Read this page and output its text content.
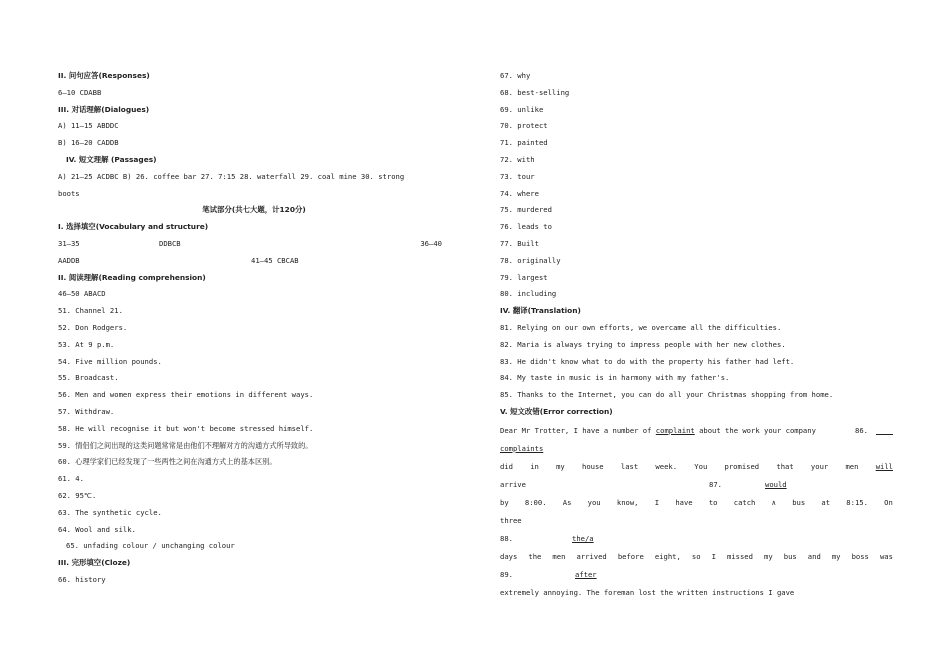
II. 问句应答(Responses)
6—10 CDABB
III. 对话理解(Dialogues)
A) 11—15 ABDDC
B) 16—20 CADDB
IV. 短文理解 (Passages)
A) 21—25 ACDBC B) 26. coffee bar 27. 7:15 28. waterfall 29. coal mine 30. strong
boots
笔试部分(共七大题，计120分)
I. 选择填空(Vocabulary and structure)
31—35	DDBCB	36—40
AADDB	41—45 CBCAB
II. 阅读理解(Reading comprehension)
46—50 ABACD
51. Channel 21.
52. Don Rodgers.
53. At 9 p.m.
54. Five million pounds.
55. Broadcast.
56. Men and women express their emotions in different ways.
57. Withdraw.
58. He will recognise it but won't become stressed himself.
59. 情侣们之间出现的这类问题常常是由他们不理解对方的沟通方式所导致的。
60. 心理学家们已经发现了一些两性之间在沟通方式上的基本区别。
61. 4.
62. 95℃.
63. The synthetic cycle.
64. Wool and silk.
65. unfading colour / unchanging colour
III. 完形填空(Cloze)
66. history
67. why
68. best-selling
69. unlike
70. protect
71. painted
72. with
73. tour
74. where
75. murdered
76. leads to
77. Built
78. originally
79. largest
80. including
IV. 翻译(Translation)
81. Relying on our own efforts, we overcame all the difficulties.
82. Maria is always trying to impress people with her new clothes.
83. He didn't know what to do with the property his father had left.
84. My taste in music is in harmony with my father's.
85. Thanks to the Internet, you can do all your Christmas shopping from home.
V. 短文改错(Error correction)
Dear Mr Trotter, I have a number of complaint about the work your company	86.
complaints
did in my house last week. You promised that your men will
arrive	87.	would
by 8:00. As you know, I have to catch ∧ bus at 8:15. On
three
88.	the/a
days the men arrived before eight, so I missed my bus and my boss was
89.	after
extremely annoying. The foreman lost the written instructions I gave
